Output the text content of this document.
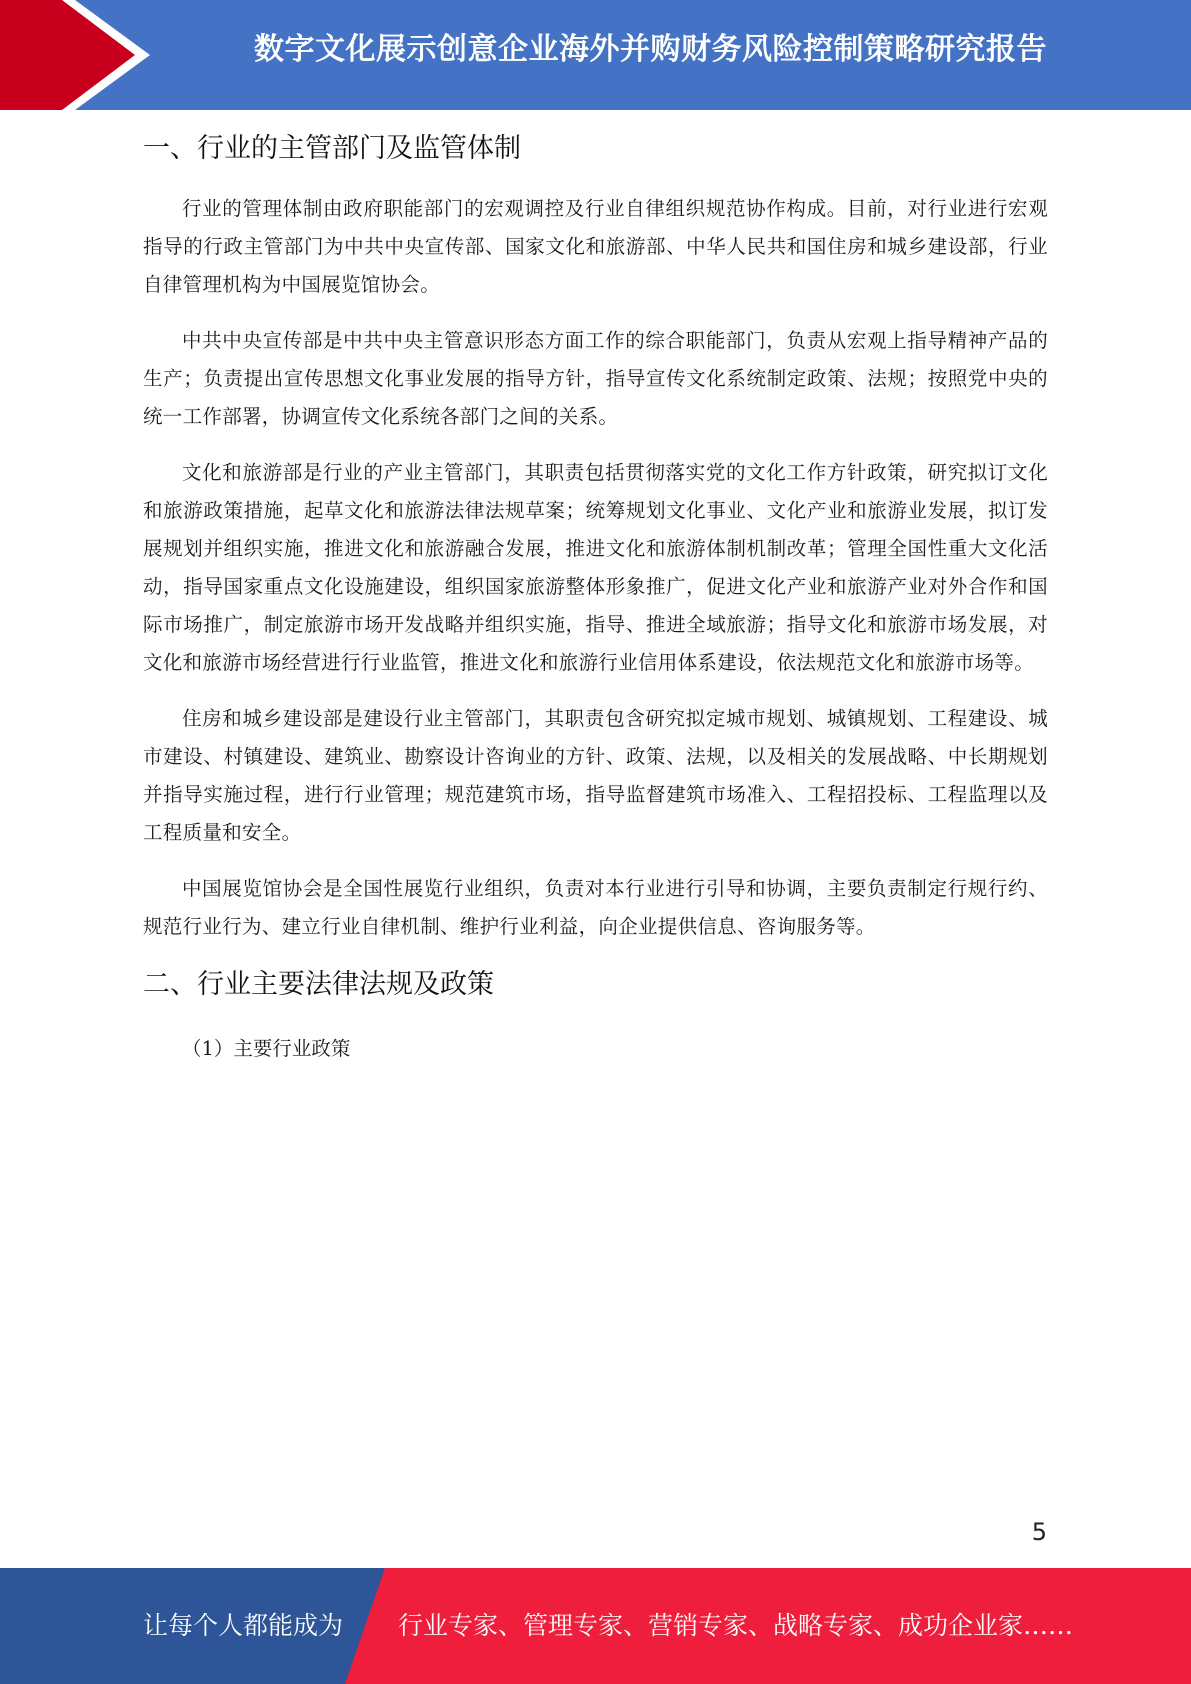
数字文化展示创意企业海外并购财务风险控制策略研究报告
一、行业的主管部门及监管体制

行业的管理体制由政府职能部门的宏观调控及行业自律组织规范协作构成。目前，对行业进行宏观指导的行政主管部门为中共中央宣传部、国家文化和旅游部、中华人民共和国住房和城乡建设部，行业自律管理机构为中国展览馆协会。

中共中央宣传部是中共中央主管意识形态方面工作的综合职能部门，负责从宏观上指导精神产品的生产；负责提出宣传思想文化事业发展的指导方针，指导宣传文化系统制定政策、法规；按照党中央的统一工作部署，协调宣传文化系统各部门之间的关系。

文化和旅游部是行业的产业主管部门，其职责包括贯彻落实党的文化工作方针政策，研究拟订文化和旅游政策措施，起草文化和旅游法律法规草案；统筹规划文化事业、文化产业和旅游业发展，拟订发展规划并组织实施，推进文化和旅游融合发展，推进文化和旅游体制机制改革；管理全国性重大文化活动，指导国家重点文化设施建设，组织国家旅游整体形象推广，促进文化产业和旅游产业对外合作和国际市场推广，制定旅游市场开发战略并组织实施，指导、推进全域旅游；指导文化和旅游市场发展，对文化和旅游市场经营进行行业监管，推进文化和旅游行业信用体系建设，依法规范文化和旅游市场等。

住房和城乡建设部是建设行业主管部门，其职责包含研究拟定城市规划、城镇规划、工程建设、城市建设、村镇建设、建筑业、勘察设计咨询业的方针、政策、法规，以及相关的发展战略、中长期规划并指导实施过程，进行行业管理；规范建筑市场，指导监督建筑市场准入、工程招投标、工程监理以及工程质量和安全。

中国展览馆协会是全国性展览行业组织，负责对本行业进行引导和协调，主要负责制定行规行约、规范行业行为、建立行业自律机制、维护行业利益，向企业提供信息、咨询服务等。

二、行业主要法律法规及政策

（1）主要行业政策

5
让每个人都能成为 行业专家、管理专家、营销专家、战略专家、成功企业家……
